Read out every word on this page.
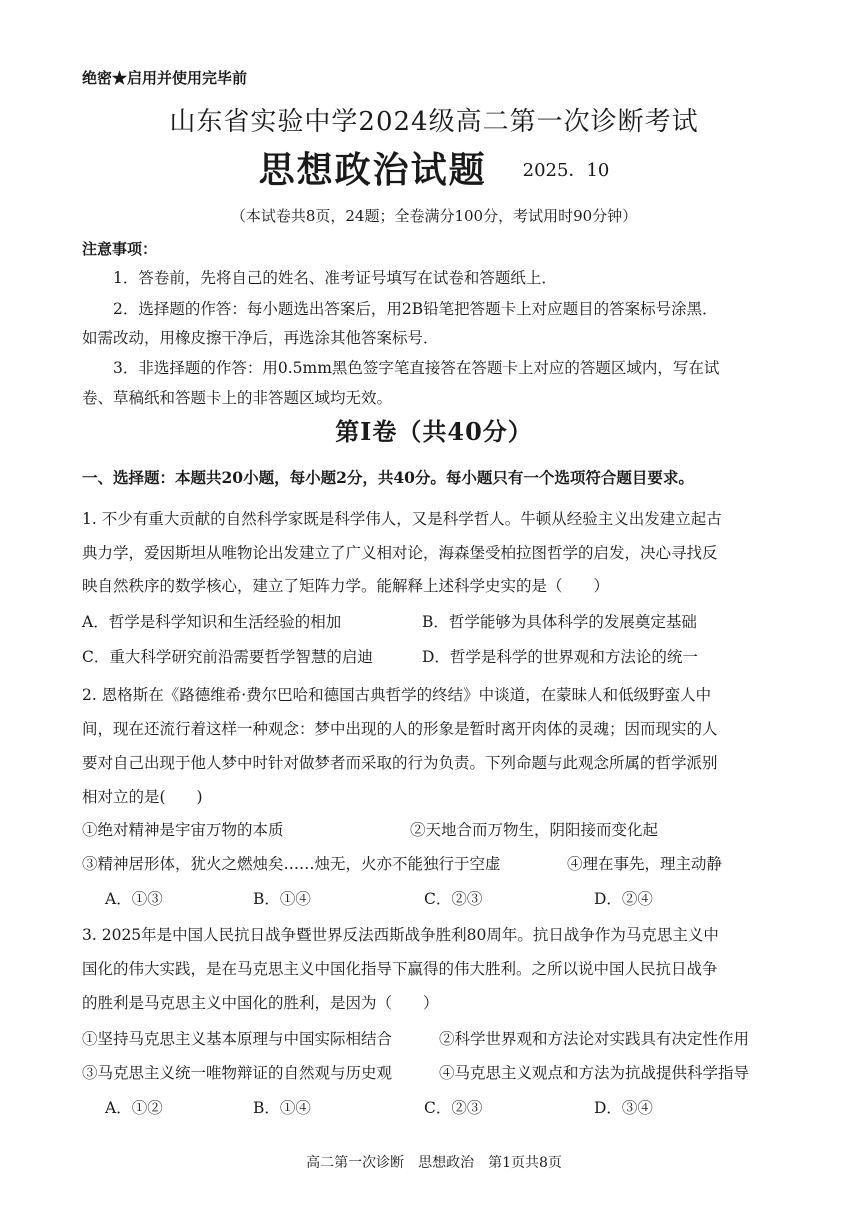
绝密★启用并使用完毕前
山东省实验中学2024级高二第一次诊断考试
思想政治试题 2025．10
（本试卷共8页，24题；全卷满分100分，考试用时90分钟）
注意事项：
1．答卷前，先将自己的姓名、准考证号填写在试卷和答题纸上．
2．选择题的作答：每小题选出答案后，用2B铅笔把答题卡上对应题目的答案标号涂黑．
如需改动，用橡皮擦干净后，再选涂其他答案标号．
3．非选择题的作答：用0.5mm黑色签字笔直接答在答题卡上对应的答题区域内，写在试
卷、草稿纸和答题卡上的非答题区域均无效。
第Ⅰ卷（共40分）
一、选择题：本题共20小题，每小题2分，共40分。每小题只有一个选项符合题目要求。
1. 不少有重大贡献的自然科学家既是科学伟人，又是科学哲人。牛顿从经验主义出发建立起古
典力学，爱因斯坦从唯物论出发建立了广义相对论，海森堡受柏拉图哲学的启发，决心寻找反
映自然秩序的数学核心，建立了矩阵力学。能解释上述科学史实的是（　　）
A．哲学是科学知识和生活经验的相加	B．哲学能够为具体科学的发展奠定基础
C．重大科学研究前沿需要哲学智慧的启迪	D．哲学是科学的世界观和方法论的统一
2. 恩格斯在《路德维希·费尔巴哈和德国古典哲学的终结》中谈道，在蒙昧人和低级野蛮人中
间，现在还流行着这样一种观念：梦中出现的人的形象是暂时离开肉体的灵魂；因而现实的人
要对自己出现于他人梦中时针对做梦者而采取的行为负责。下列命题与此观念所属的哲学派别
相对立的是(　　)
①绝对精神是宇宙万物的本质	②天地合而万物生，阴阳接而变化起
③精神居形体，犹火之燃烛矣……烛无，火亦不能独行于空虚	④理在事先，理主动静
A．①③	B．①④	C．②③	D．②④
3. 2025年是中国人民抗日战争暨世界反法西斯战争胜利80周年。抗日战争作为马克思主义中
国化的伟大实践，是在马克思主义中国化指导下赢得的伟大胜利。之所以说中国人民抗日战争
的胜利是马克思主义中国化的胜利，是因为（　　）
①坚持马克思主义基本原理与中国实际相结合	②科学世界观和方法论对实践具有决定性作用
③马克思主义统一唯物辩证的自然观与历史观	④马克思主义观点和方法为抗战提供科学指导
A．①②	B．①④	C．②③	D．③④
高二第一次诊断　思想政治　第1页共8页
